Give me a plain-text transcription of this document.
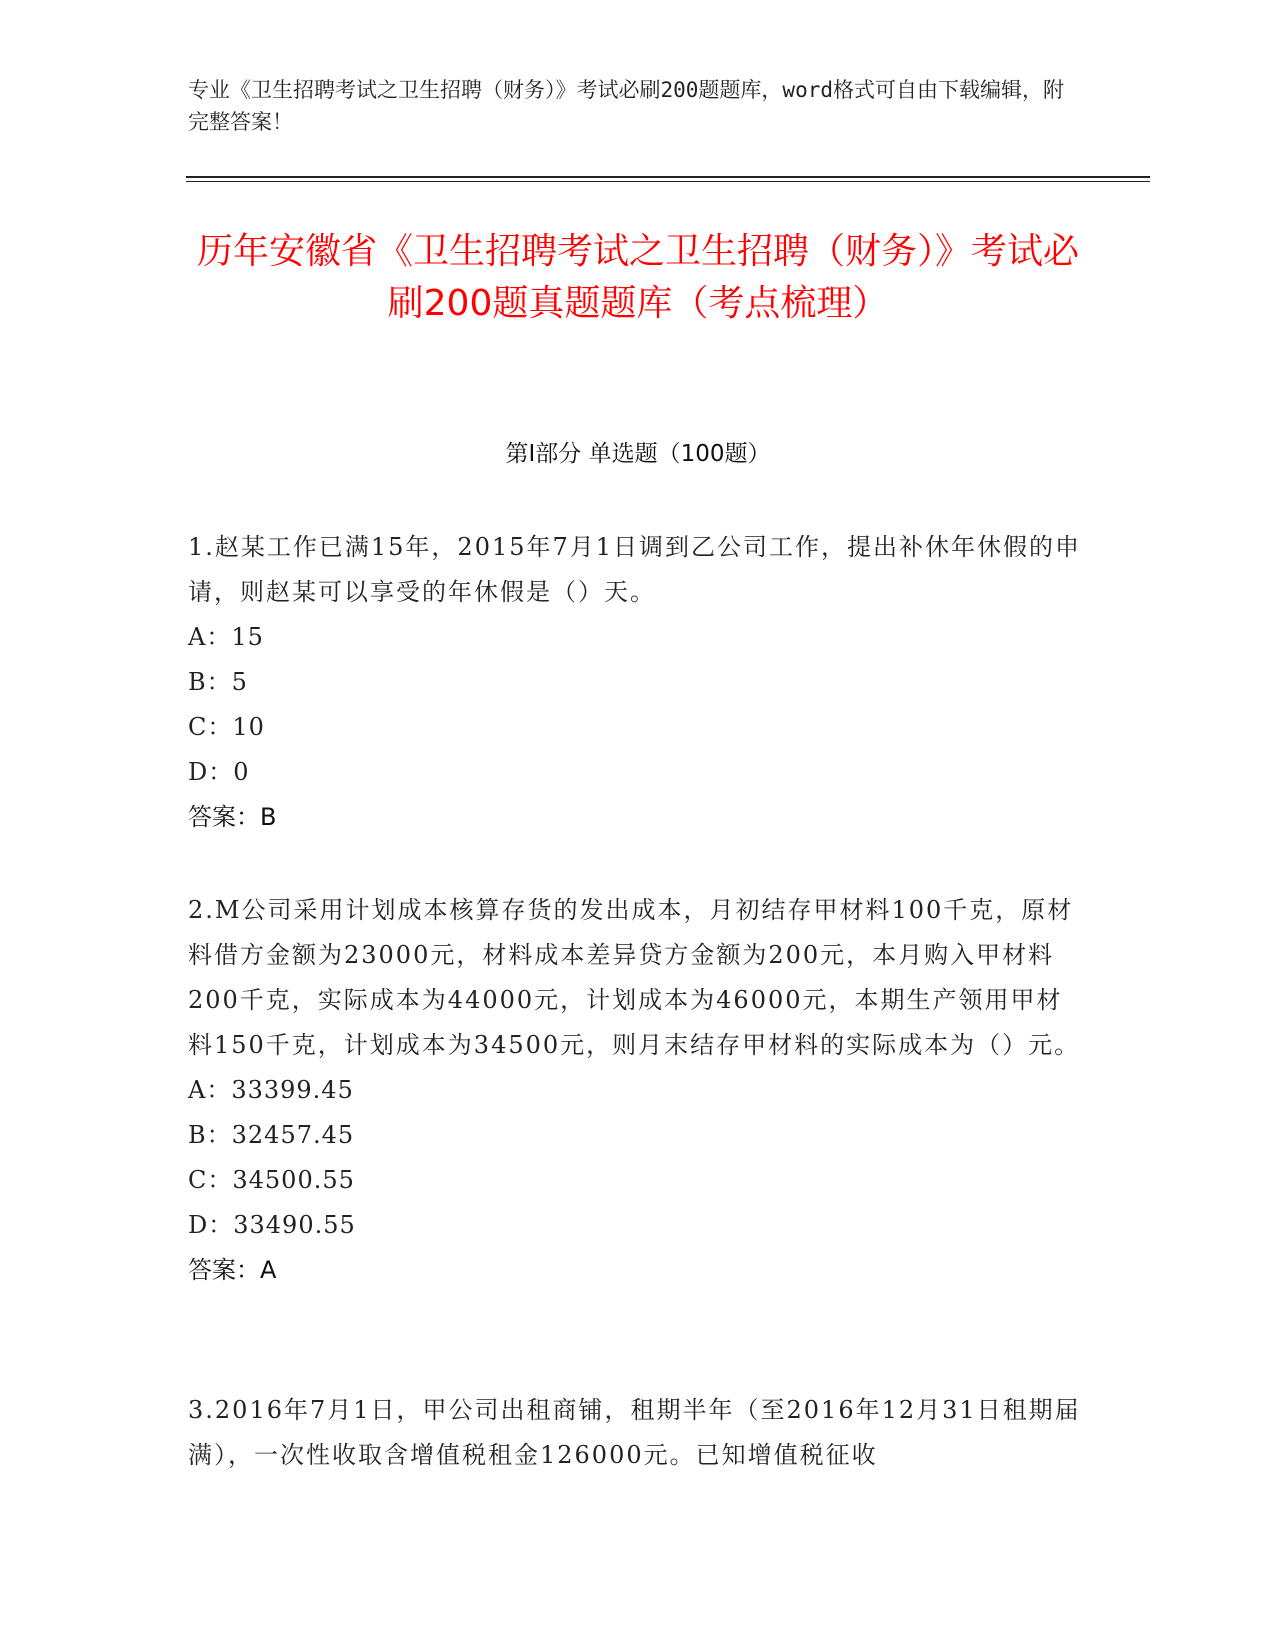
专业《卫生招聘考试之卫生招聘（财务）》考试必刷200题题库，word格式可自由下载编辑，附完整答案！
历年安徽省《卫生招聘考试之卫生招聘（财务）》考试必刷200题真题题库（考点梳理）
第I部分 单选题（100题）
1.赵某工作已满15年，2015年7月1日调到乙公司工作，提出补休年休假的申请，则赵某可以享受的年休假是（）天。
A：15
B：5
C：10
D：0
答案：B
2.M公司采用计划成本核算存货的发出成本，月初结存甲材料100千克，原材料借方金额为23000元，材料成本差异贷方金额为200元，本月购入甲材料200千克，实际成本为44000元，计划成本为46000元，本期生产领用甲材料150千克，计划成本为34500元，则月末结存甲材料的实际成本为（）元。
A：33399.45
B：32457.45
C：34500.55
D：33490.55
答案：A
3.2016年7月1日，甲公司出租商铺，租期半年（至2016年12月31日租期届满），一次性收取含增值税租金126000元。已知增值税征收
